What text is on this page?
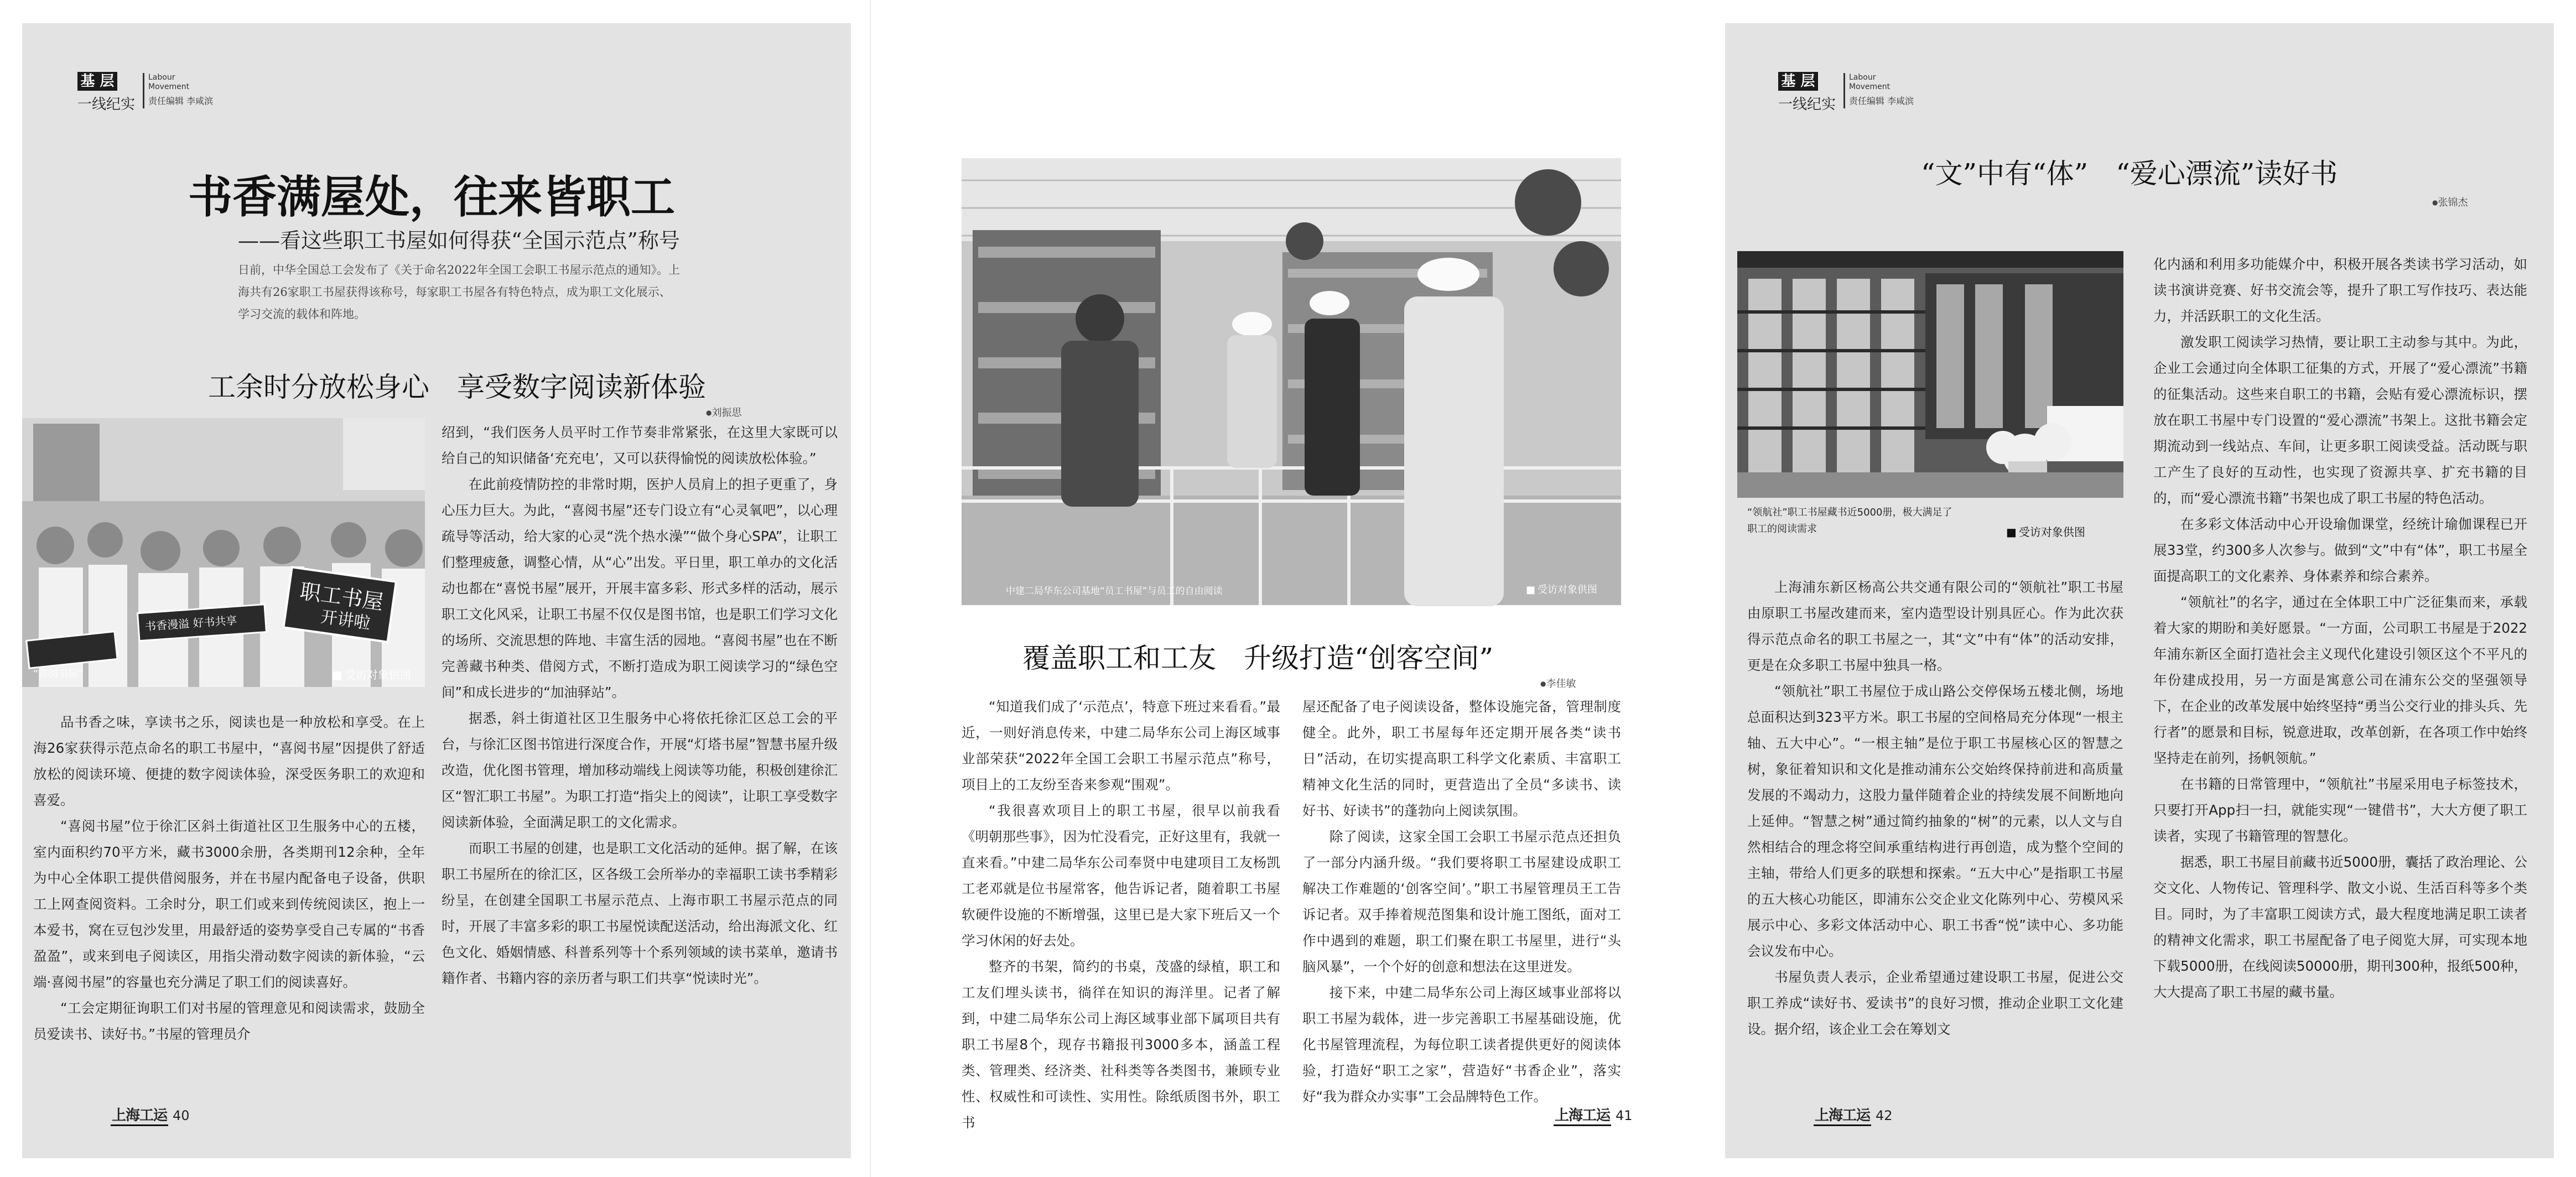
基 层
一线纪实
Labour Movement
责任编辑 李咸滨
书香满屋处，往来皆职工
——看这些职工书屋如何得获“全国示范点”称号
日前，中华全国总工会发布了《关于命名2022年全国工会职工书屋示范点的通知》。上海共有26家职工书屋获得该称号，每家职工书屋各有特色特点，成为职工文化展示、学习交流的载体和阵地。
工余时分放松身心　享受数字阅读新体验
● 刘振思
职工书屋
开讲啦
书香漫溢 好书共享
“喜阅书屋”	■ 受访对象供图

品书香之味，享读书之乐，阅读也是一种放松和享受。在上海26家获得示范点命名的职工书屋中，“喜阅书屋”因提供了舒适放松的阅读环境、便捷的数字阅读体验，深受医务职工的欢迎和喜爱。

“喜阅书屋”位于徐汇区斜土街道社区卫生服务中心的五楼，室内面积约70平方米，藏书3000余册，各类期刊12余种，全年为中心全体职工提供借阅服务，并在书屋内配备电子设备，供职工上网查阅资料。工余时分，职工们或来到传统阅读区，抱上一本爱书，窝在豆包沙发里，用最舒适的姿势享受自己专属的“书香盈盈”，或来到电子阅读区，用指尖滑动数字阅读的新体验，“云端·喜阅书屋”的容量也充分满足了职工们的阅读喜好。

“工会定期征询职工们对书屋的管理意见和阅读需求，鼓励全员爱读书、读好书。”书屋的管理员介

绍到，“我们医务人员平时工作节奏非常紧张，在这里大家既可以给自己的知识储备‘充充电’，又可以获得愉悦的阅读放松体验。”

在此前疫情防控的非常时期，医护人员肩上的担子更重了，身心压力巨大。为此，“喜阅书屋”还专门设立有“心灵氧吧”，以心理疏导等活动，给大家的心灵“洗个热水澡”“做个身心SPA”，让职工们整理疲惫，调整心情，从“心”出发。平日里，职工单办的文化活动也都在“喜悦书屋”展开，开展丰富多彩、形式多样的活动，展示职工文化风采，让职工书屋不仅仅是图书馆，也是职工们学习文化的场所、交流思想的阵地、丰富生活的园地。“喜阅书屋”也在不断完善藏书种类、借阅方式，不断打造成为职工阅读学习的“绿色空间”和成长进步的“加油驿站”。

据悉，斜土街道社区卫生服务中心将依托徐汇区总工会的平台，与徐汇区图书馆进行深度合作，开展“灯塔书屋”智慧书屋升级改造，优化图书管理，增加移动端线上阅读等功能，积极创建徐汇区“智汇职工书屋”。为职工打造“指尖上的阅读”，让职工享受数字阅读新体验，全面满足职工的文化需求。

而职工书屋的创建，也是职工文化活动的延伸。据了解，在该职工书屋所在的徐汇区，区各级工会所举办的幸福职工读书季精彩纷呈，在创建全国职工书屋示范点、上海市职工书屋示范点的同时，开展了丰富多彩的职工书屋悦读配送活动，给出海派文化、红色文化、婚姻情感、科普系列等十个系列领域的读书菜单，邀请书籍作者、书籍内容的亲历者与职工们共享“悦读时光”。

上海工运 40
中建二局华东公司基地“员工书屋”与员工的自由阅读	■ 受访对象供图
覆盖职工和工友　升级打造“创客空间”
● 李佳敏

“知道我们成了‘示范点’，特意下班过来看看。”最近，一则好消息传来，中建二局华东公司上海区域事业部荣获“2022年全国工会职工书屋示范点”称号，项目上的工友纷至沓来参观“围观”。

“我很喜欢项目上的职工书屋，很早以前我看《明朝那些事》，因为忙没看完，正好这里有，我就一直来看。”中建二局华东公司奉贤中电建项目工友杨凯工老邓就是位书屋常客，他告诉记者，随着职工书屋软硬件设施的不断增强，这里已是大家下班后又一个学习休闲的好去处。

整齐的书架，简约的书桌，茂盛的绿植，职工和工友们埋头读书，徜徉在知识的海洋里。记者了解到，中建二局华东公司上海区域事业部下属项目共有职工书屋8个，现存书籍报刊3000多本，涵盖工程类、管理类、经济类、社科类等各类图书，兼顾专业性、权威性和可读性、实用性。除纸质图书外，职工书

屋还配备了电子阅读设备，整体设施完备，管理制度健全。此外，职工书屋每年还定期开展各类“读书日”活动，在切实提高职工科学文化素质、丰富职工精神文化生活的同时，更营造出了全员“多读书、读好书、好读书”的蓬勃向上阅读氛围。

除了阅读，这家全国工会职工书屋示范点还担负了一部分内涵升级。“我们要将职工书屋建设成职工解决工作难题的‘创客空间’。”职工书屋管理员王工告诉记者。双手捧着规范图集和设计施工图纸，面对工作中遇到的难题，职工们聚在职工书屋里，进行“头脑风暴”，一个个好的创意和想法在这里迸发。

接下来，中建二局华东公司上海区域事业部将以职工书屋为载体，进一步完善职工书屋基础设施，优化书屋管理流程，为每位职工读者提供更好的阅读体验，打造好“职工之家”，营造好“书香企业”，落实好“我为群众办实事”工会品牌特色工作。

上海工运 41
基 层
一线纪实
Labour Movement
责任编辑 李咸滨
“文”中有“体”　“爱心漂流”读好书
● 张锦杰
“领航社”职工书屋藏书近5000册，极大满足了职工的阅读需求	■ 受访对象供图

上海浦东新区杨高公共交通有限公司的“领航社”职工书屋由原职工书屋改建而来，室内造型设计别具匠心。作为此次获得示范点命名的职工书屋之一，其“文”中有“体”的活动安排，更是在众多职工书屋中独具一格。

“领航社”职工书屋位于成山路公交停保场五楼北侧，场地总面积达到323平方米。职工书屋的空间格局充分体现“一根主轴、五大中心”。“一根主轴”是位于职工书屋核心区的智慧之树，象征着知识和文化是推动浦东公交始终保持前进和高质量发展的不竭动力，这股力量伴随着企业的持续发展不间断地向上延伸。“智慧之树”通过简约抽象的“树”的元素，以人文与自然相结合的理念将空间承重结构进行再创造，成为整个空间的主轴，带给人们更多的联想和探索。“五大中心”是指职工书屋的五大核心功能区，即浦东公交企业文化陈列中心、劳模风采展示中心、多彩文体活动中心、职工书香“悦”读中心、多功能会议发布中心。

书屋负责人表示，企业希望通过建设职工书屋，促进公交职工养成“读好书、爱读书”的良好习惯，推动企业职工文化建设。据介绍，该企业工会在筹划文

化内涵和利用多功能媒介中，积极开展各类读书学习活动，如读书演讲竞赛、好书交流会等，提升了职工写作技巧、表达能力，并活跃职工的文化生活。

激发职工阅读学习热情，要让职工主动参与其中。为此，企业工会通过向全体职工征集的方式，开展了“爱心漂流”书籍的征集活动。这些来自职工的书籍，会贴有爱心漂流标识，摆放在职工书屋中专门设置的“爱心漂流”书架上。这批书籍会定期流动到一线站点、车间，让更多职工阅读受益。活动既与职工产生了良好的互动性，也实现了资源共享、扩充书籍的目的，而“爱心漂流书籍”书架也成了职工书屋的特色活动。

在多彩文体活动中心开设瑜伽课堂，经统计瑜伽课程已开展33堂，约300多人次参与。做到“文”中有“体”，职工书屋全面提高职工的文化素养、身体素养和综合素养。

“领航社”的名字，通过在全体职工中广泛征集而来，承载着大家的期盼和美好愿景。“一方面，公司职工书屋是于2022年浦东新区全面打造社会主义现代化建设引领区这个不平凡的年份建成投用，另一方面是寓意公司在浦东公交的坚强领导下，在企业的改革发展中始终坚持“勇当公交行业的排头兵、先行者”的愿景和目标，锐意进取，改革创新，在各项工作中始终坚持走在前列，扬帆领航。”

在书籍的日常管理中，“领航社”书屋采用电子标签技术，只要打开App扫一扫，就能实现“一键借书”，大大方便了职工读者，实现了书籍管理的智慧化。

据悉，职工书屋目前藏书近5000册，囊括了政治理论、公交文化、人物传记、管理科学、散文小说、生活百科等多个类目。同时，为了丰富职工阅读方式，最大程度地满足职工读者的精神文化需求，职工书屋配备了电子阅览大屏，可实现本地下载5000册，在线阅读50000册，期刊300种，报纸500种，大大提高了职工书屋的藏书量。

上海工运 42
